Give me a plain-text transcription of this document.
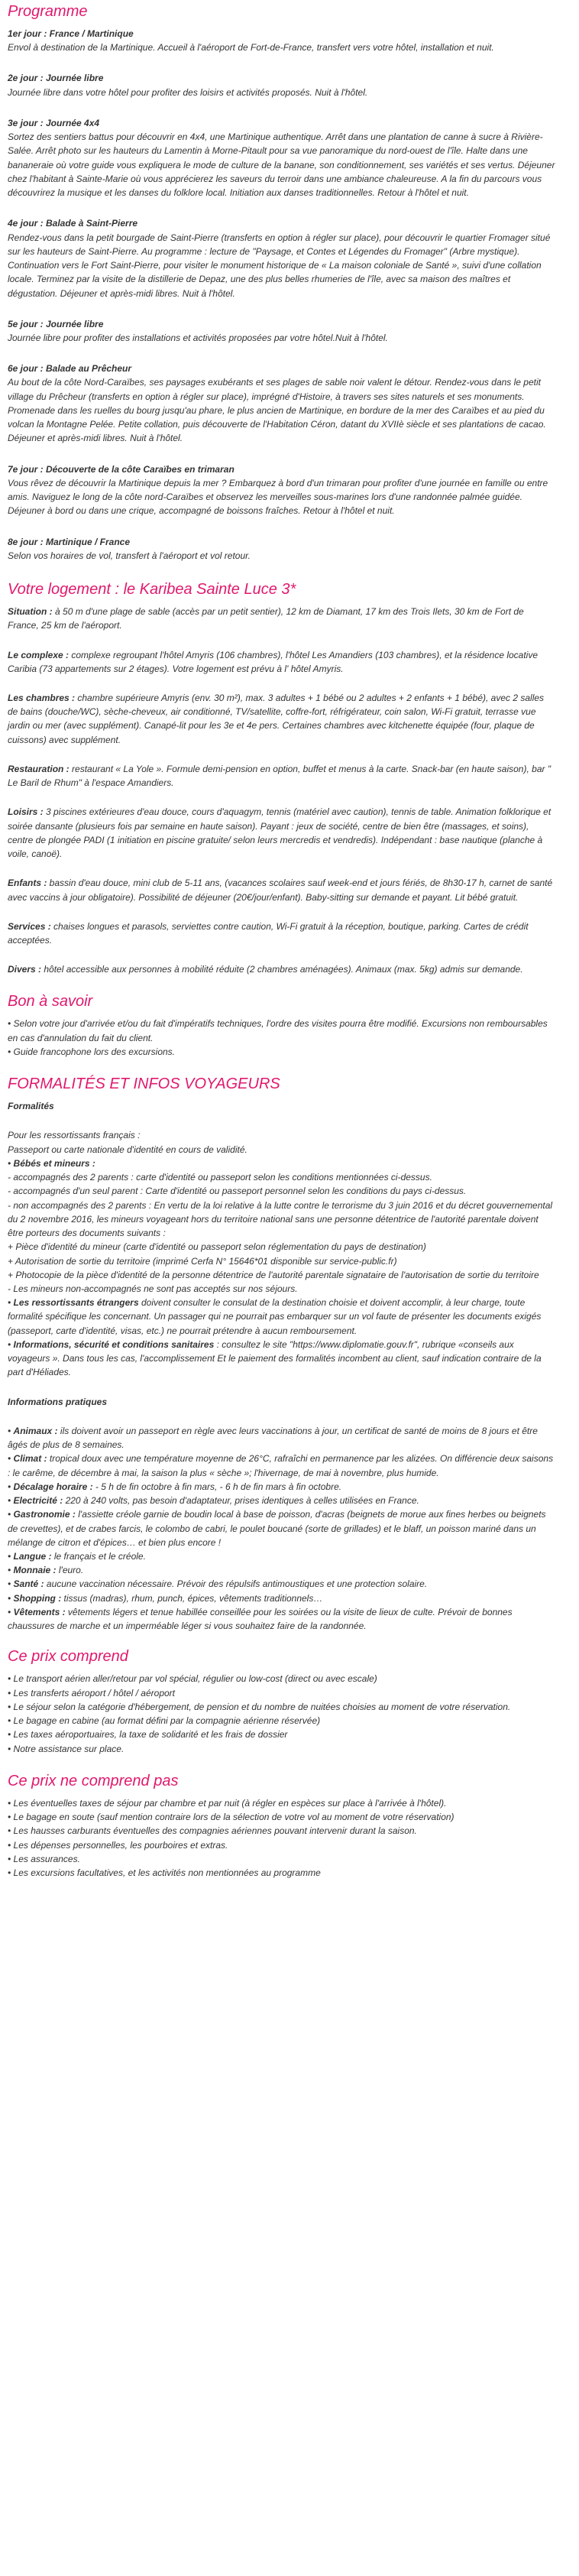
Programme
1er jour : France / Martinique
Envol à destination de la Martinique. Accueil à l'aéroport de Fort-de-France, transfert vers votre hôtel, installation et nuit.
2e jour : Journée libre
Journée libre dans votre hôtel pour profiter des loisirs et activités proposés. Nuit à l'hôtel.
3e jour : Journée 4x4
Sortez des sentiers battus pour découvrir en 4x4, une Martinique authentique. Arrêt dans une plantation de canne à sucre à Rivière-Salée. Arrêt photo sur les hauteurs du Lamentin à Morne-Pitault pour sa vue panoramique du nord-ouest de l'île. Halte dans une bananeraie où votre guide vous expliquera le mode de culture de la banane, son conditionnement, ses variétés et ses vertus. Déjeuner chez l'habitant à Sainte-Marie où vous apprécierez les saveurs du terroir dans une ambiance chaleureuse. A la fin du parcours vous découvrirez la musique et les danses du folklore local. Initiation aux danses traditionnelles. Retour à l'hôtel et nuit.
4e jour : Balade à Saint-Pierre
Rendez-vous dans la petit bourgade de Saint-Pierre (transferts en option à régler sur place), pour découvrir le quartier Fromager situé sur les hauteurs de Saint-Pierre. Au programme : lecture de "Paysage, et Contes et Légendes du Fromager" (Arbre mystique). Continuation vers le Fort Saint-Pierre, pour visiter le monument historique de « La maison coloniale de Santé », suivi d'une collation locale. Terminez par la visite de la distillerie de Depaz, une des plus belles rhumeries de l'île, avec sa maison des maîtres et dégustation. Déjeuner et après-midi libres. Nuit à l'hôtel.
5e jour : Journée libre
Journée libre pour profiter des installations et activités proposées par votre hôtel.Nuit à l'hôtel.
6e jour : Balade au Prêcheur
Au bout de la côte Nord-Caraïbes, ses paysages exubérants et ses plages de sable noir valent le détour. Rendez-vous dans le petit village du Prêcheur (transferts en option à régler sur place), imprégné d'Histoire, à travers ses sites naturels et ses monuments. Promenade dans les ruelles du bourg jusqu'au phare, le plus ancien de Martinique, en bordure de la mer des Caraïbes et au pied du volcan la Montagne Pelée. Petite collation, puis découverte de l'Habitation Céron, datant du XVIIè siècle et ses plantations de cacao. Déjeuner et après-midi libres. Nuit à l'hôtel.
7e jour : Découverte de la côte Caraïbes en trimaran
Vous rêvez de découvrir la Martinique depuis la mer ? Embarquez à bord d'un trimaran pour profiter d'une journée en famille ou entre amis. Naviguez le long de la côte nord-Caraïbes et observez les merveilles sous-marines lors d'une randonnée palmée guidée. Déjeuner à bord ou dans une crique, accompagné de boissons fraîches. Retour à l'hôtel et nuit.
8e jour : Martinique / France
Selon vos horaires de vol, transfert à l'aéroport et vol retour.
Votre logement : le Karibea Sainte Luce 3*

Situation : à 50 m d'une plage de sable (accès par un petit sentier), 12 km de Diamant, 17 km des Trois Ilets, 30 km de Fort de France, 25 km de l'aéroport.

Le complexe : complexe regroupant l'hôtel Amyris (106 chambres), l'hôtel Les Amandiers (103 chambres), et la résidence locative Caribia (73 appartements sur 2 étages). Votre logement est prévu à l' hôtel Amyris.

Les chambres : chambre supérieure Amyris (env. 30 m²), max. 3 adultes + 1 bébé ou 2 adultes + 2 enfants + 1 bébé), avec 2 salles de bains (douche/WC), sèche-cheveux, air conditionné, TV/satellite, coffre-fort, réfrigérateur, coin salon, Wi-Fi gratuit, terrasse vue jardin ou mer (avec supplément). Canapé-lit pour les 3e et 4e pers. Certaines chambres avec kitchenette équipée (four, plaque de cuissons) avec supplément.

Restauration : restaurant « La Yole ». Formule demi-pension en option, buffet et menus à la carte. Snack-bar (en haute saison), bar " Le Baril de Rhum" à l'espace Amandiers.

Loisirs : 3 piscines extérieures d'eau douce, cours d'aquagym, tennis (matériel avec caution), tennis de table. Animation folklorique et soirée dansante (plusieurs fois par semaine en haute saison). Payant : jeux de société, centre de bien être (massages, et soins), centre de plongée PADI (1 initiation en piscine gratuite/ selon leurs mercredis et vendredis). Indépendant : base nautique (planche à voile, canoë).

Enfants : bassin d'eau douce, mini club de 5-11 ans, (vacances scolaires sauf week-end et jours fériés, de 8h30-17 h, carnet de santé avec vaccins à jour obligatoire). Possibilité de déjeuner (20€/jour/enfant). Baby-sitting sur demande et payant. Lit bébé gratuit.

Services : chaises longues et parasols, serviettes contre caution, Wi-Fi gratuit à la réception, boutique, parking. Cartes de crédit acceptées.

Divers : hôtel accessible aux personnes à mobilité réduite (2 chambres aménagées). Animaux (max. 5kg) admis sur demande.

Bon à savoir
• Selon votre jour d'arrivée et/ou du fait d'impératifs techniques, l'ordre des visites pourra être modifié. Excursions non remboursables en cas d'annulation du fait du client.
• Guide francophone lors des excursions.
FORMALITÉS ET INFOS VOYAGEURS
Formalités
Pour les ressortissants français :
Passeport ou carte nationale d'identité en cours de validité.
• Bébés et mineurs :
- accompagnés des 2 parents : carte d'identité ou passeport selon les conditions mentionnées ci-dessus.
- accompagnés d'un seul parent : Carte d'identité ou passeport personnel selon les conditions du pays ci-dessus.
- non accompagnés des 2 parents : En vertu de la loi relative à la lutte contre le terrorisme du 3 juin 2016 et du décret gouvernemental du 2 novembre 2016, les mineurs voyageant hors du territoire national sans une personne détentrice de l'autorité parentale doivent être porteurs des documents suivants :
+ Pièce d'identité du mineur (carte d'identité ou passeport selon réglementation du pays de destination)
+ Autorisation de sortie du territoire (imprimé Cerfa N° 15646*01 disponible sur service-public.fr)
+ Photocopie de la pièce d'identité de la personne détentrice de l'autorité parentale signataire de l'autorisation de sortie du territoire
- Les mineurs non-accompagnés ne sont pas acceptés sur nos séjours.
• Les ressortissants étrangers doivent consulter le consulat de la destination choisie et doivent accomplir, à leur charge, toute formalité spécifique les concernant. Un passager qui ne pourrait pas embarquer sur un vol faute de présenter les documents exigés (passeport, carte d'identité, visas, etc.) ne pourrait prétendre à aucun remboursement.
• Informations, sécurité et conditions sanitaires : consultez le site "https://www.diplomatie.gouv.fr", rubrique «conseils aux voyageurs ». Dans tous les cas, l'accomplissement Et le paiement des formalités incombent au client, sauf indication contraire de la part d'Héliades.
Informations pratiques
• Animaux : ils doivent avoir un passeport en règle avec leurs vaccinations à jour, un certificat de santé de moins de 8 jours et être âgés de plus de 8 semaines.
• Climat : tropical doux avec une température moyenne de 26°C, rafraîchi en permanence par les alizées. On différencie deux saisons : le carême, de décembre à mai, la saison la plus « sèche »; l'hivernage, de mai à novembre, plus humide.
• Décalage horaire : - 5 h de fin octobre à fin mars, - 6 h de fin mars à fin octobre.
• Electricité : 220 à 240 volts, pas besoin d'adaptateur, prises identiques à celles utilisées en France.
• Gastronomie : l'assiette créole garnie de boudin local à base de poisson, d'acras (beignets de morue aux fines herbes ou beignets de crevettes), et de crabes farcis, le colombo de cabri, le poulet boucané (sorte de grillades) et le blaff, un poisson mariné dans un mélange de citron et d'épices… et bien plus encore !
• Langue : le français et le créole.
• Monnaie : l'euro.
• Santé : aucune vaccination nécessaire. Prévoir des répulsifs antimoustiques et une protection solaire.
• Shopping : tissus (madras), rhum, punch, épices, vêtements traditionnels…
• Vêtements : vêtements légers et tenue habillée conseillée pour les soirées ou la visite de lieux de culte. Prévoir de bonnes chaussures de marche et un imperméable léger si vous souhaitez faire de la randonnée.
Ce prix comprend
• Le transport aérien aller/retour par vol spécial, régulier ou low-cost (direct ou avec escale)
• Les transferts aéroport / hôtel / aéroport
• Le séjour selon la catégorie d'hébergement, de pension et du nombre de nuitées choisies au moment de votre réservation.
• Le bagage en cabine (au format défini par la compagnie aérienne réservée)
• Les taxes aéroportuaires, la taxe de solidarité et les frais de dossier
• Notre assistance sur place.
Ce prix ne comprend pas
• Les éventuelles taxes de séjour par chambre et par nuit (à régler en espèces sur place à l'arrivée à l'hôtel).
• Le bagage en soute (sauf mention contraire lors de la sélection de votre vol au moment de votre réservation)
• Les hausses carburants éventuelles des compagnies aériennes pouvant intervenir durant la saison.
• Les dépenses personnelles, les pourboires et extras.
• Les assurances.
• Les excursions facultatives, et les activités non mentionnées au programme
